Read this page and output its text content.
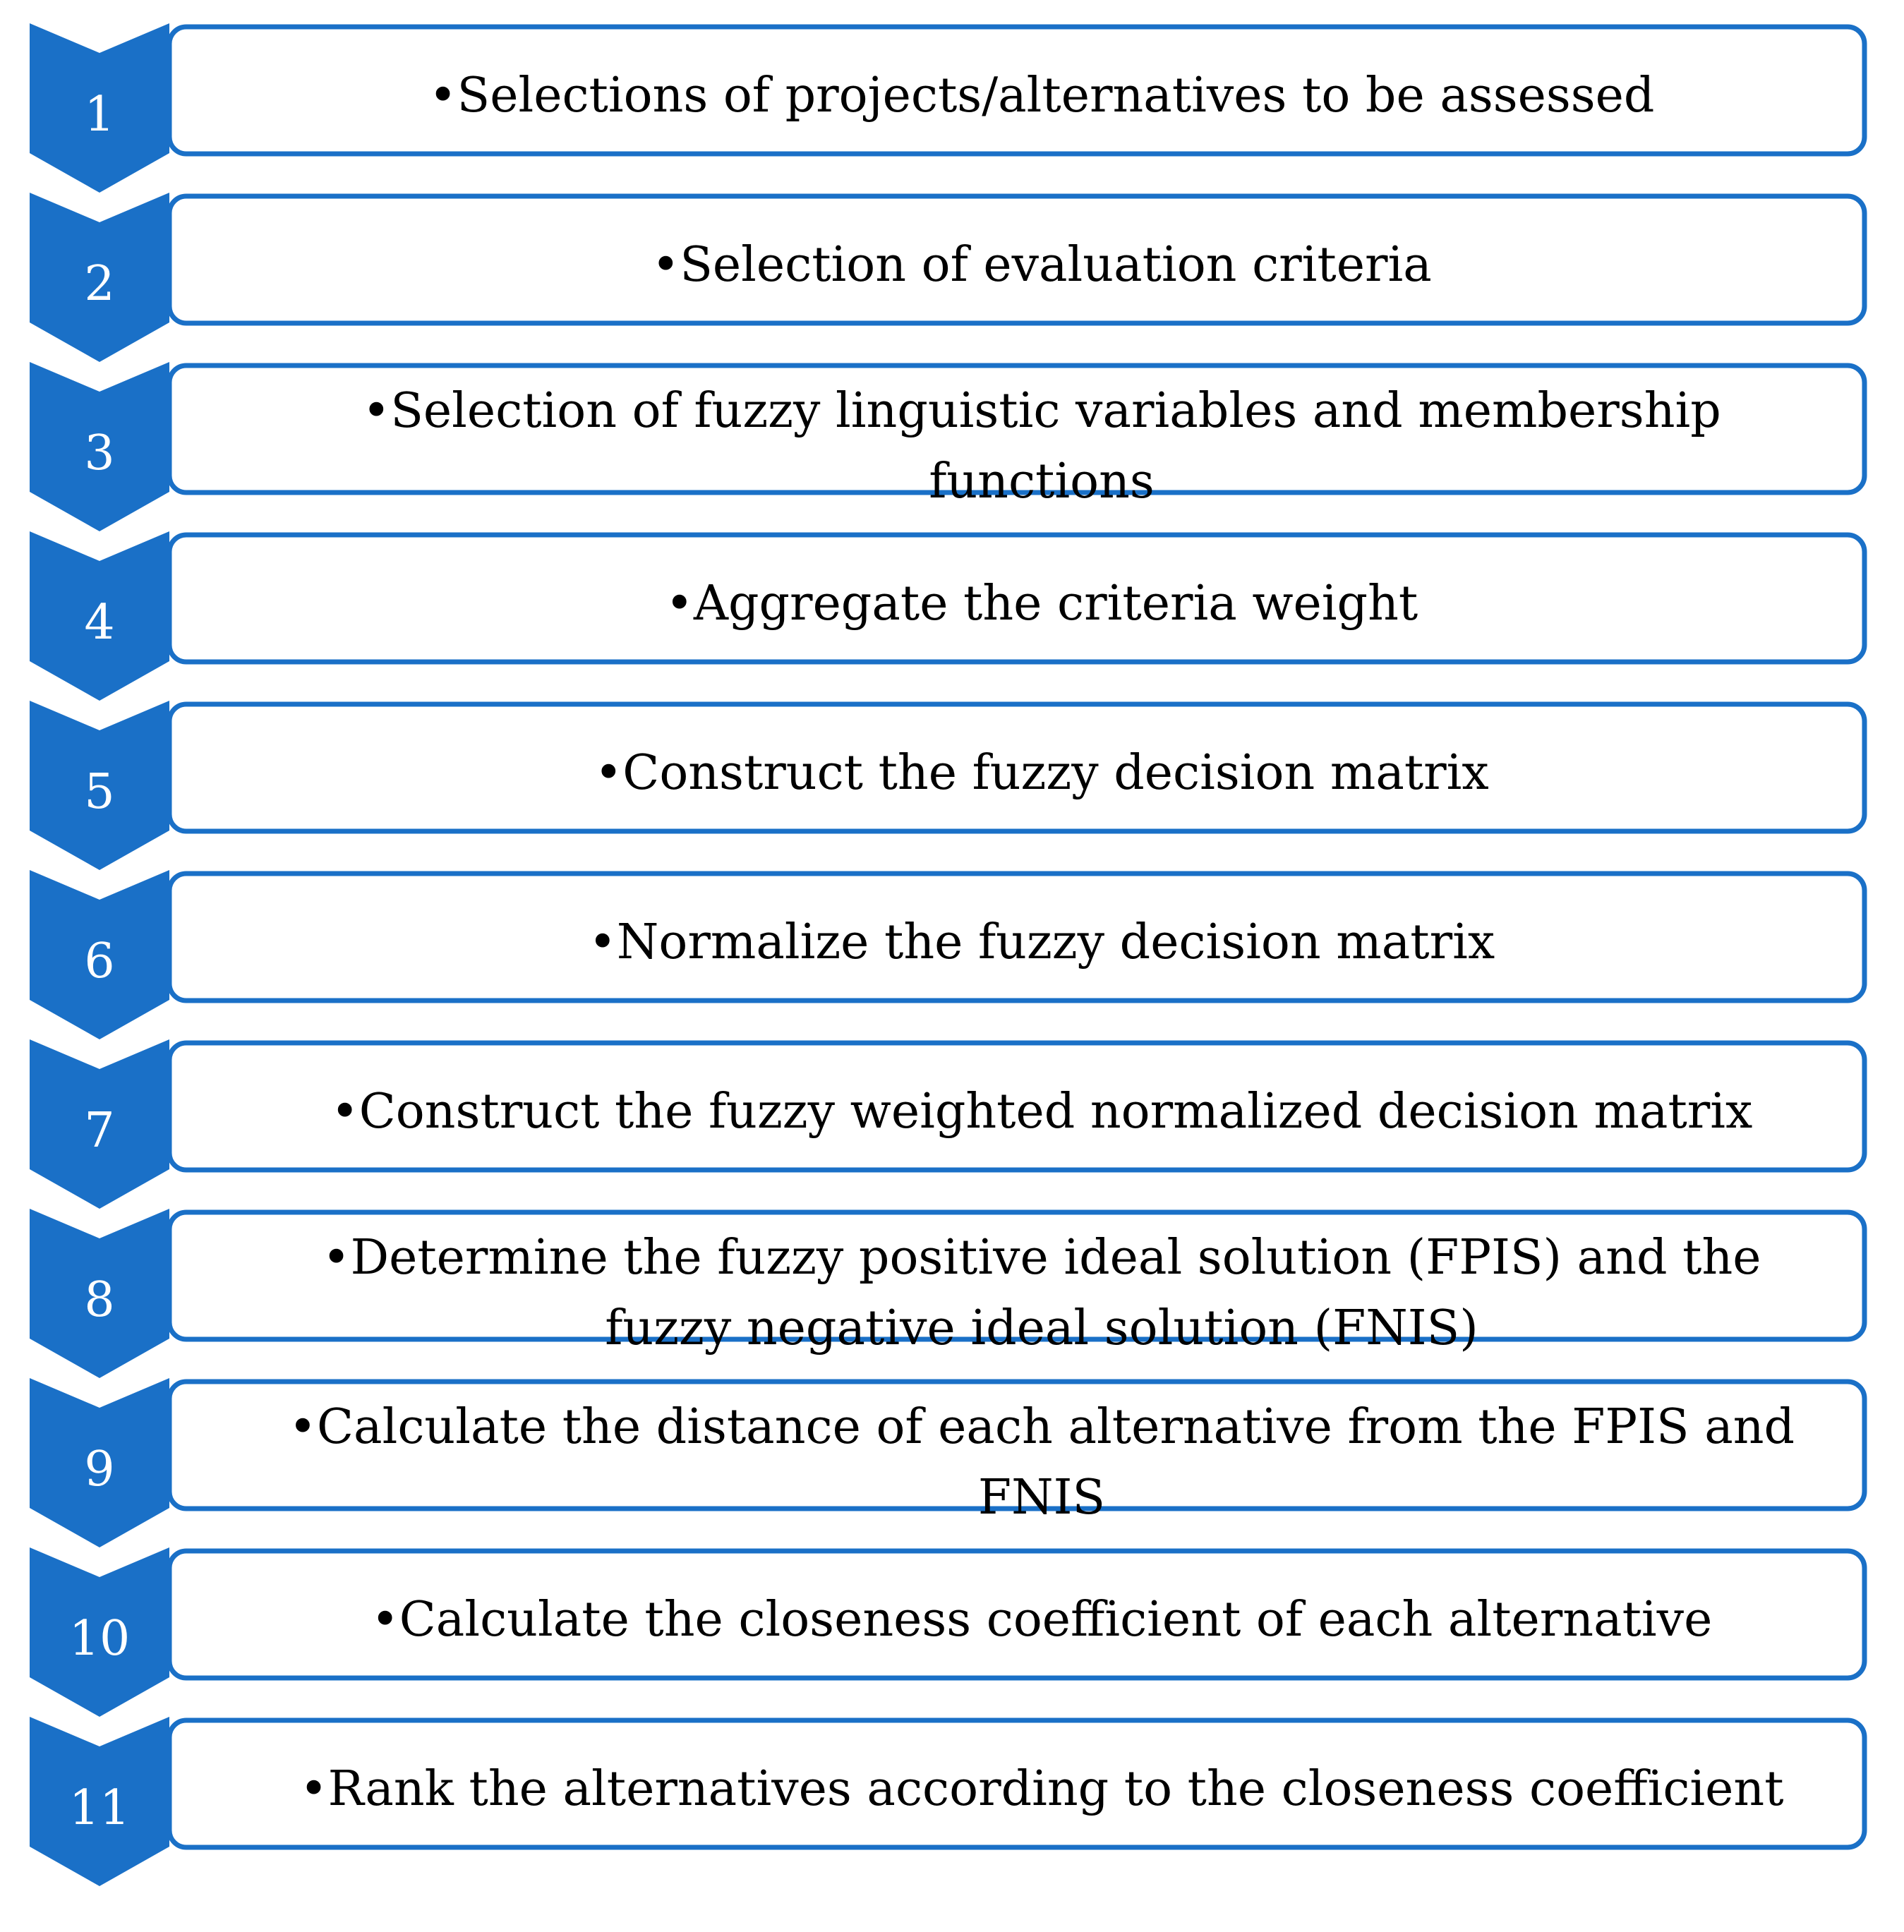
1	•Selections of projects/alternatives to be assessed
2	•Selection of evaluation criteria
3
•Selection of fuzzy linguistic variables and membership
functions
4	•Aggregate the criteria weight
5	•Construct the fuzzy decision matrix
6	•Normalize the fuzzy decision matrix
7	•Construct the fuzzy weighted normalized decision matrix
8
•Determine the fuzzy positive ideal solution (FPIS) and the
fuzzy negative ideal solution (FNIS)
9
•Calculate the distance of each alternative from the FPIS and
FNIS
10	•Calculate the closeness coefficient of each alternative
11	•Rank the alternatives according to the closeness coefficient
